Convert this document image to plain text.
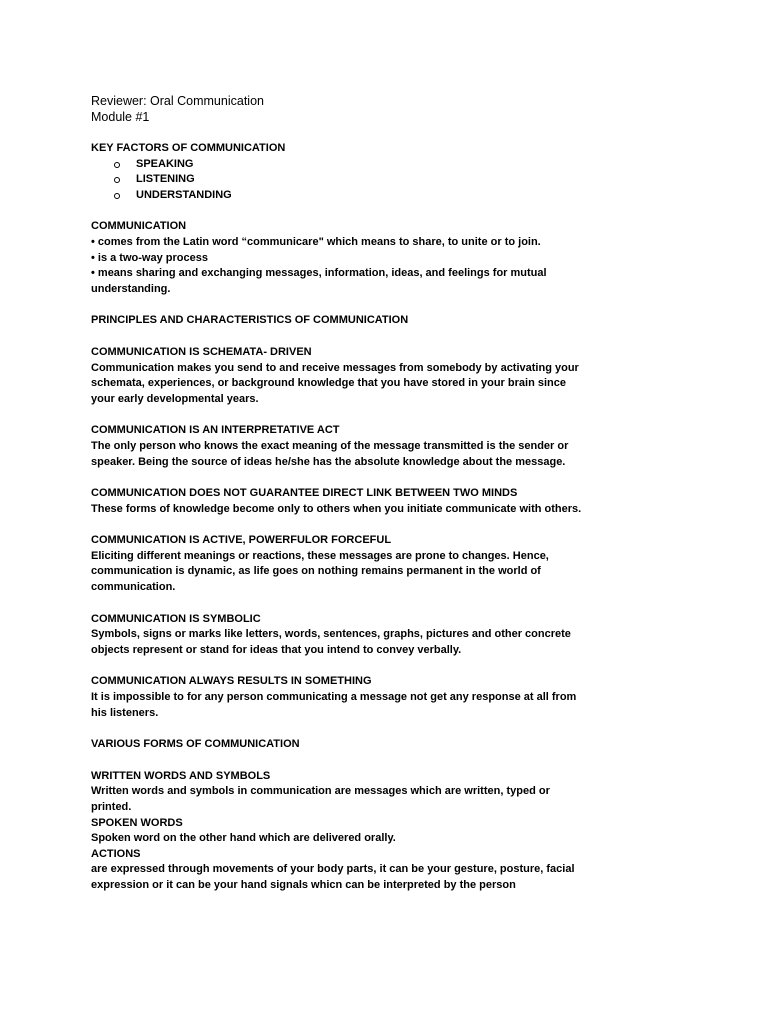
Reviewer: Oral Communication
Module #1
KEY FACTORS OF COMMUNICATION
SPEAKING
LISTENING
UNDERSTANDING
COMMUNICATION
• comes from the Latin word “communicare" which means to share, to unite or to join.
• is a two-way process
• means sharing and exchanging messages, information, ideas, and feelings for mutual
understanding.
PRINCIPLES AND CHARACTERISTICS OF COMMUNICATION
COMMUNICATION IS SCHEMATA- DRIVEN
Communication makes you send to and receive messages from somebody by activating your
schemata, experiences, or background knowledge that you have stored in your brain since
your early developmental years.
COMMUNICATION IS AN INTERPRETATIVE ACT
The only person who knows the exact meaning of the message transmitted is the sender or
speaker. Being the source of ideas he/she has the absolute knowledge about the message.
COMMUNICATION DOES NOT GUARANTEE DIRECT LINK BETWEEN TWO MINDS
These forms of knowledge become only to others when you initiate communicate with others.
COMMUNICATION IS ACTIVE, POWERFULOR FORCEFUL
Eliciting different meanings or reactions, these messages are prone to changes. Hence,
communication is dynamic, as life goes on nothing remains permanent in the world of
communication.
COMMUNICATION IS SYMBOLIC
Symbols, signs or marks like letters, words, sentences, graphs, pictures and other concrete
objects represent or stand for ideas that you intend to convey verbally.
COMMUNICATION ALWAYS RESULTS IN SOMETHING
It is impossible to for any person communicating a message not get any response at all from
his listeners.
VARIOUS FORMS OF COMMUNICATION
WRITTEN WORDS AND SYMBOLS
Written words and symbols in communication are messages which are written, typed or
printed.
SPOKEN WORDS
Spoken word on the other hand which are delivered orally.
ACTIONS
are expressed through movements of your body parts, it can be your gesture, posture, facial
expression or it can be your hand signals whicn can be interpreted by the person
